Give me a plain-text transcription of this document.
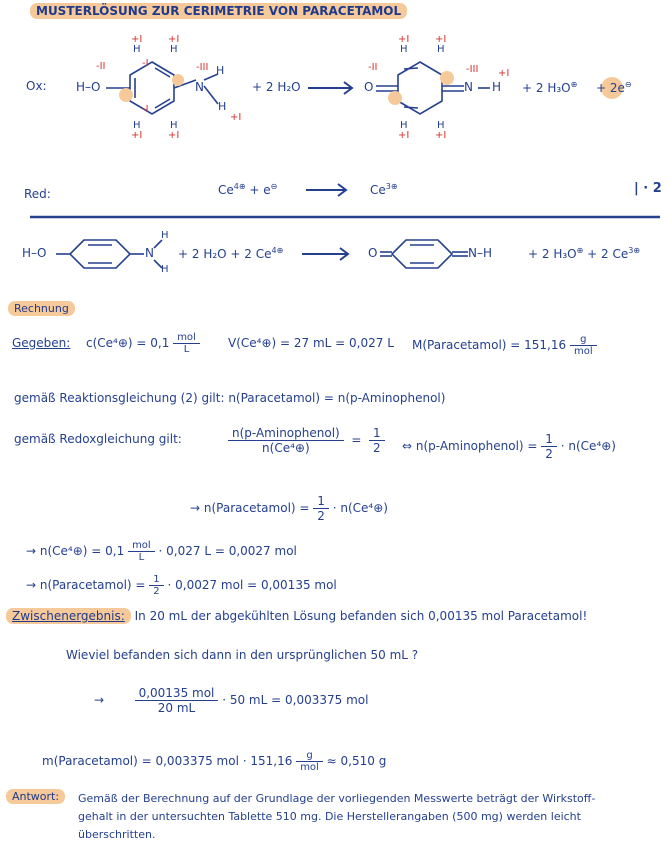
MUSTERLÖSUNG ZUR CERIMETRIE VON PARACETAMOL
Ox: H–O	N
H
H
H	H
H	H
-II	-III
+I	+I
+I
+I
-I
-I
+I
+ 2 H₂O	O	N H
H	H
H	H
-II	-III
+I	+I
+I	+I
+I
+ 2 H₃O⊕ + 2e⊖
Red:	$Ce^{4\oplus} + e^⊖$	$Ce^{3\oplus}$	| · 2
H–O	N
H
H
+ 2 H₂O + 2 $Ce^{4\oplus}$	O	N–H	+ 2 H₃O⊕ + 2 $Ce^{3\oplus}$
Rechnung
Gegeben: c(Ce⁴⊕) = $0,1 \frac{\text{mol}}{L}$ V(Ce⁴⊕) = 27 mL = 0,027 L M(Paracetamol) = $151,16 \frac{g}{\text{mol}}$
gemäß Reaktionsgleichung (2) gilt: n(Paracetamol) = n(p-Aminophenol)
gemäß Redoxgleichung gilt:	$\frac{\text{n(p-Aminophenol)}}{\text{n(Ce⁴⊕)}} = \frac{1}{2}$ ⇔ n(p-Aminophenol) = $\frac{1}{2}$ · n(Ce⁴⊕)
→ n(Paracetamol) = $\frac{1}{2}$ · n(Ce⁴⊕)
→ n(Ce⁴⊕) = $0,1 \frac{\text{mol}}{L} \cdot 0,027$ L = 0,0027 mol
→ n(Paracetamol) = $\frac{1}{2} \cdot 0,0027$ mol = 0,00135 mol
Zwischenergebnis: In 20 mL der abgekühlten Lösung befanden sich 0,00135 mol Paracetamol!
Wieviel befanden sich dann in den ursprünglichen 50 mL ?
→ $\frac{\text{0,00135 mol}}{20 mL} \cdot 50$ mL = 0,003375 mol
m(Paracetamol) = 0,003375 mol · $151,16 \frac{g}{\text{mol}} \approx 0,510$ g
Antwort:	Gemäß der Berechnung auf der Grundlage der vorliegenden Messwerte beträgt der Wirkstoff-
gehalt in der untersuchten Tablette 510 mg. Die Herstellerangaben (500 mg) werden leicht
überschritten.
